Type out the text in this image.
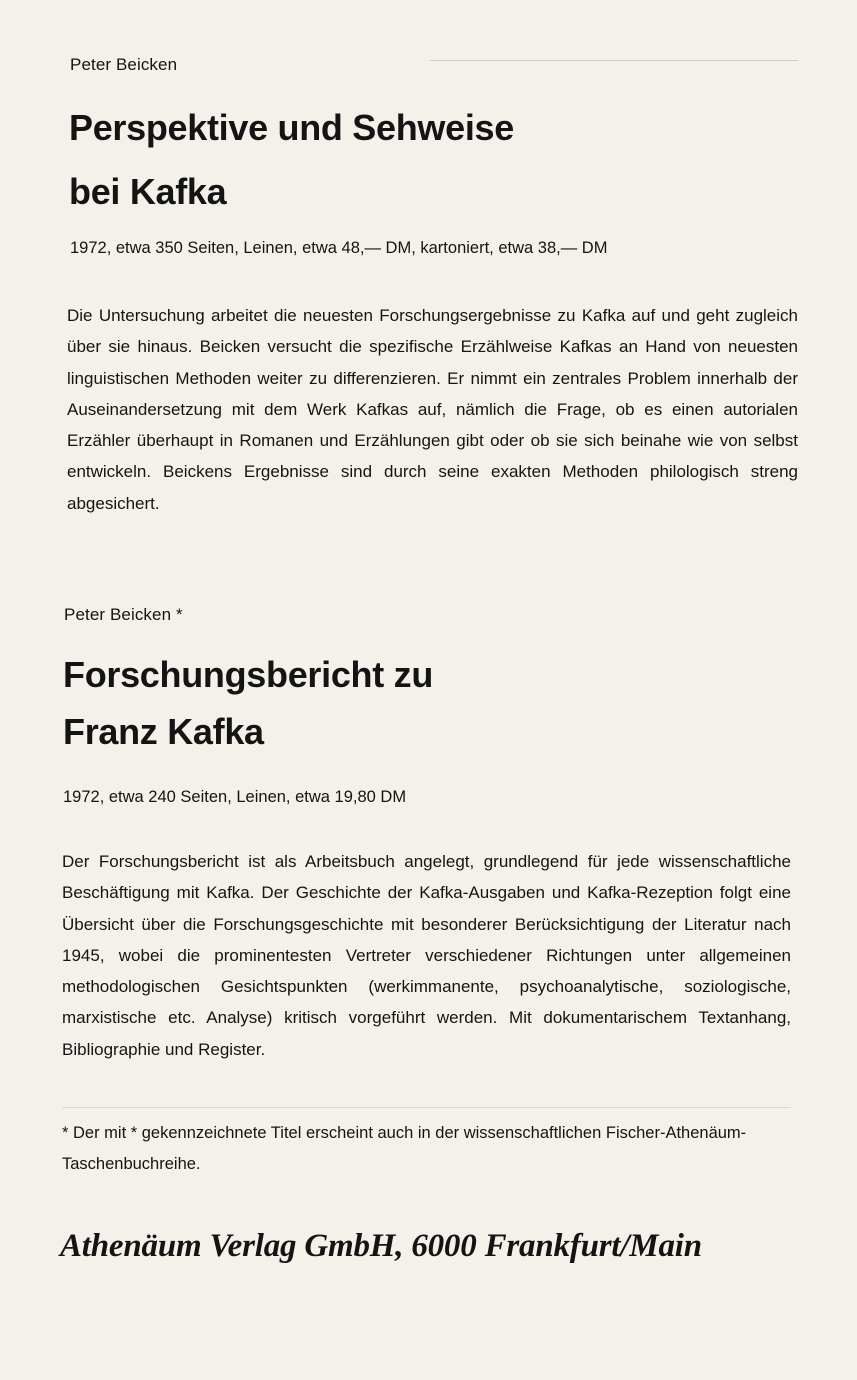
Peter Beicken
Perspektive und Sehweise
bei Kafka
1972, etwa 350 Seiten, Leinen, etwa 48,— DM, kartoniert, etwa 38,— DM

Die Untersuchung arbeitet die neuesten Forschungsergebnisse zu Kafka auf und geht zugleich über sie hinaus. Beicken versucht die spezifische Erzählweise Kafkas an Hand von neuesten linguistischen Methoden weiter zu differenzieren. Er nimmt ein zentrales Problem innerhalb der Auseinandersetzung mit dem Werk Kafkas auf, nämlich die Frage, ob es einen autorialen Erzähler überhaupt in Romanen und Erzählungen gibt oder ob sie sich beinahe wie von selbst entwickeln. Beickens Ergebnisse sind durch seine exakten Methoden philologisch streng abgesichert.

Peter Beicken *
Forschungsbericht zu
Franz Kafka
1972, etwa 240 Seiten, Leinen, etwa 19,80 DM

Der Forschungsbericht ist als Arbeitsbuch angelegt, grundlegend für jede wissenschaftliche Beschäftigung mit Kafka. Der Geschichte der Kafka-Ausgaben und Kafka-Rezeption folgt eine Übersicht über die Forschungsgeschichte mit besonderer Berücksichtigung der Literatur nach 1945, wobei die prominentesten Vertreter verschiedener Richtungen unter allgemeinen methodologischen Gesichtspunkten (werkimmanente, psychoanalytische, soziologische, marxistische etc. Analyse) kritisch vorgeführt werden. Mit dokumentarischem Textanhang, Bibliographie und Register.

* Der mit * gekennzeichnete Titel erscheint auch in der wissenschaftlichen Fischer-Athenäum-Taschenbuchreihe.

Athenäum Verlag GmbH, 6000 Frankfurt/Main
